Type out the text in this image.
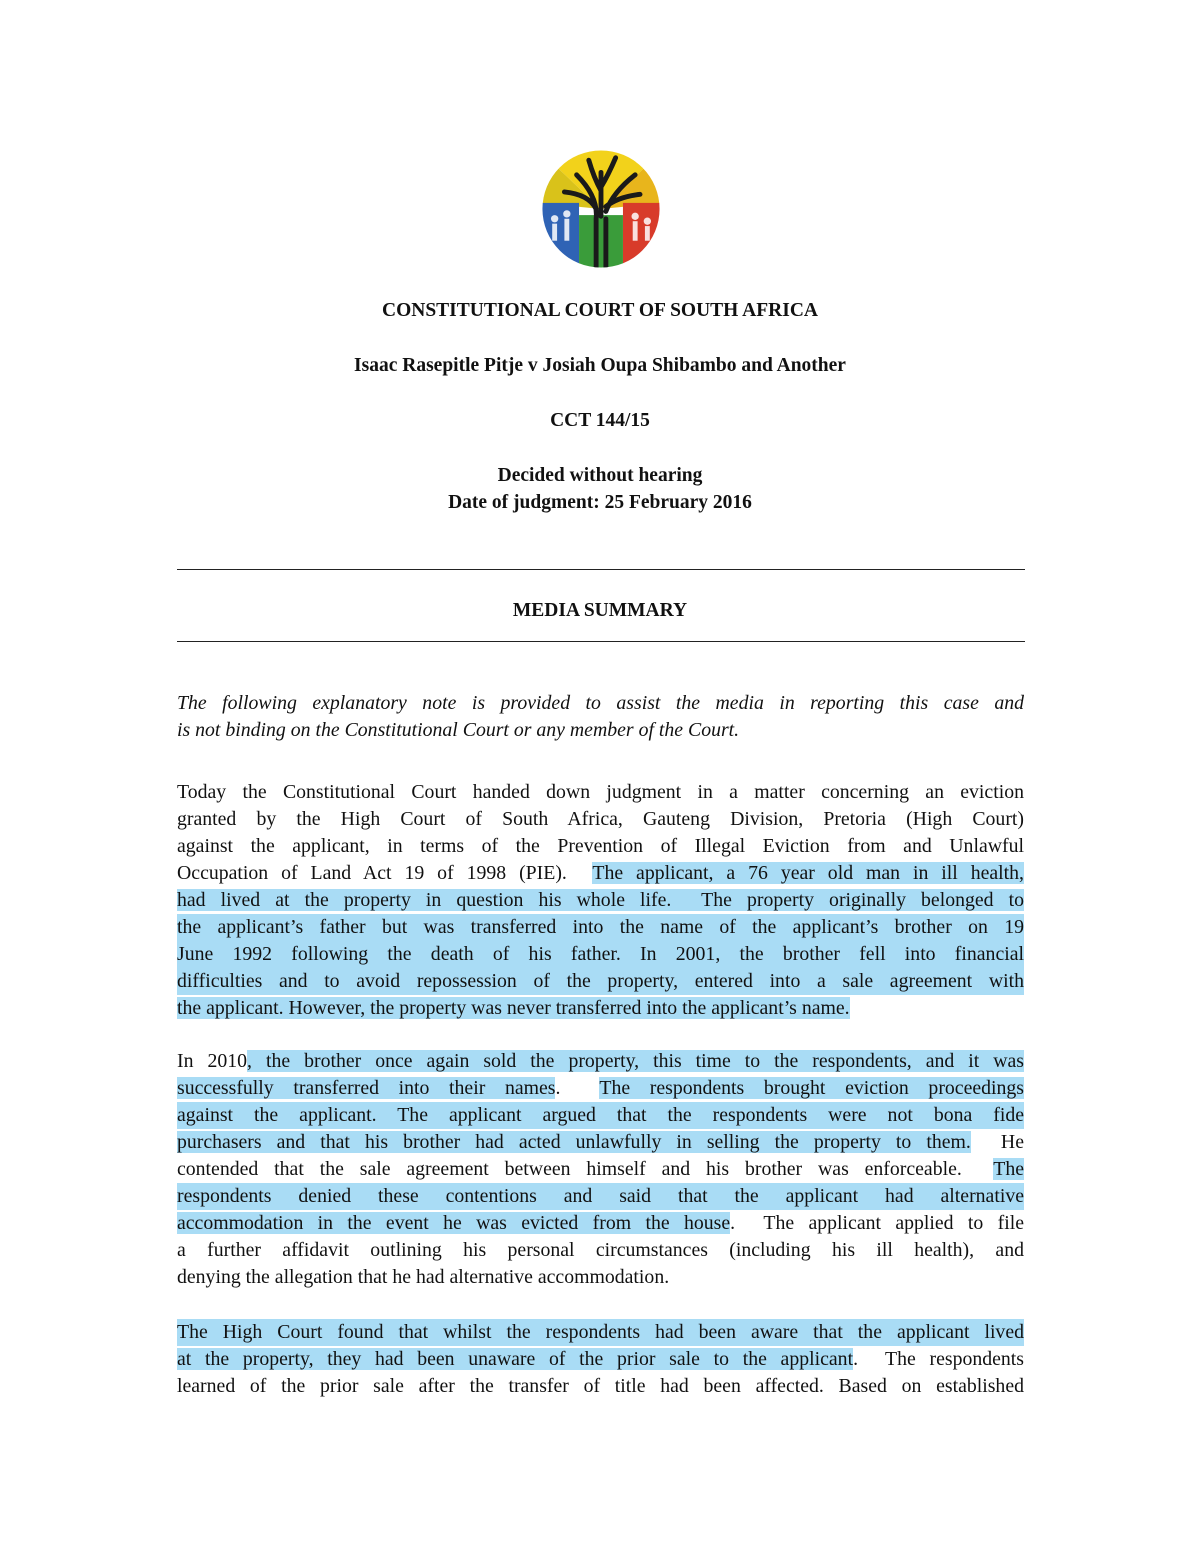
CONSTITUTIONAL COURT OF SOUTH AFRICA
Isaac Rasepitle Pitje v Josiah Oupa Shibambo and Another
CCT 144/15
Decided without hearing
Date of judgment: 25 February 2016
MEDIA SUMMARY
The following explanatory note is provided to assist the media in reporting this case and
is not binding on the Constitutional Court or any member of the Court.
Today the Constitutional Court handed down judgment in a matter concerning an eviction
granted by the High Court of South Africa, Gauteng Division, Pretoria (High Court)
against the applicant, in terms of the Prevention of Illegal Eviction from and Unlawful
Occupation of Land Act 19 of 1998 (PIE).  The applicant, a 76 year old man in ill health,
had lived at the property in question his whole life.  The property originally belonged to
the applicant’s father but was transferred into the name of the applicant’s brother on 19
June 1992 following the death of his father. In 2001, the brother fell into financial
difficulties and to avoid repossession of the property, entered into a sale agreement with
the applicant. However, the property was never transferred into the applicant’s name.
In 2010, the brother once again sold the property, this time to the respondents, and it was
successfully transferred into their names.  The respondents brought eviction proceedings
against the applicant. The applicant argued that the respondents were not bona fide
purchasers and that his brother had acted unlawfully in selling the property to them.  He
contended that the sale agreement between himself and his brother was enforceable.  The
respondents denied these contentions and said that the applicant had alternative
accommodation in the event he was evicted from the house.  The applicant applied to file
a further affidavit outlining his personal circumstances (including his ill health), and
denying the allegation that he had alternative accommodation.
The High Court found that whilst the respondents had been aware that the applicant lived
at the property, they had been unaware of the prior sale to the applicant.  The respondents
learned of the prior sale after the transfer of title had been affected. Based on established
